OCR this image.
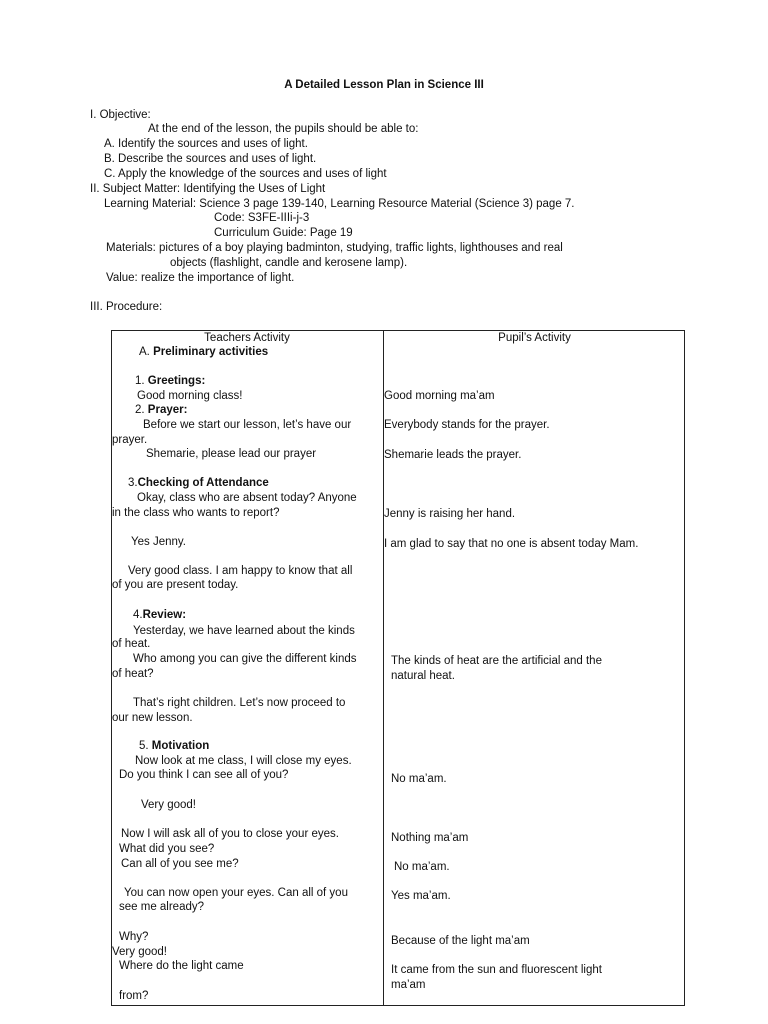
A Detailed Lesson Plan in Science III
I. Objective:
At the end of the lesson, the pupils should be able to:
A. Identify the sources and uses of light.
B. Describe the sources and uses of light.
C. Apply the knowledge of the sources and uses of light
II. Subject Matter: Identifying the Uses of Light
Learning Material: Science 3 page 139-140, Learning Resource Material (Science 3) page 7.
Code: S3FE-IIIi-j-3
Curriculum Guide: Page 19
Materials: pictures of a boy playing badminton, studying, traffic lights, lighthouses and real
objects (flashlight, candle and kerosene lamp).
Value: realize the importance of light.
III. Procedure:
Teachers Activity	Pupil’s Activity
A. Preliminary activities
1. Greetings:
Good morning class!
2. Prayer:
Before we start our lesson, let’s have our
prayer.
Shemarie, please lead our prayer
3.Checking of Attendance
Okay, class who are absent today? Anyone
in the class who wants to report?
Yes Jenny.
Very good class. I am happy to know that all
of you are present today.
4.Review:
Yesterday, we have learned about the kinds
of heat.
Who among you can give the different kinds
of heat?
That’s right children. Let’s now proceed to
our new lesson.
5. Motivation
Now look at me class, I will close my eyes.
Do you think I can see all of you?
Very good!
Now I will ask all of you to close your eyes.
What did you see?
Can all of you see me?
You can now open your eyes. Can all of you
see me already?
Why?
Very good!
Where do the light came
from?
Good morning ma’am
Everybody stands for the prayer.
Shemarie leads the prayer.
Jenny is raising her hand.
I am glad to say that no one is absent today Mam.
The kinds of heat are the artificial and the
natural heat.
No ma’am.
Nothing ma’am
No ma’am.
Yes ma’am.
Because of the light ma’am
It came from the sun and fluorescent light
ma’am
